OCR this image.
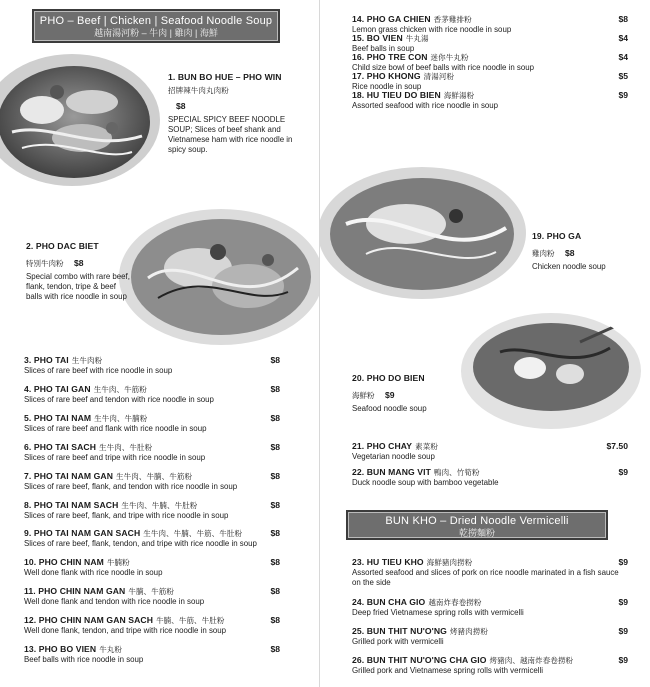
PHO – Beef | Chicken | Seafood Noodle Soup
越南湯河粉 – 牛肉 | 雞肉 | 海鮮
1. BUN BO HUE – PHO WIN
招牌辣牛肉丸肉粉
$8
SPECIAL SPICY BEEF NOODLE SOUP; Slices of beef shank and Vietnamese ham with rice noodle in spicy soup.
2. PHO DAC BIET
特別牛肉粉 $8
Special combo with rare beef, flank, tendon, tripe & beef balls with rice noodle in soup
3. PHO TAI 生牛肉粉	$8
Slices of rare beef with rice noodle in soup
4. PHO TAI GAN 生牛肉、牛筋粉	$8
Slices of rare beef and tendon with rice noodle in soup
5. PHO TAI NAM 生牛肉、牛腩粉	$8
Slices of rare beef and flank with rice noodle in soup
6. PHO TAI SACH 生牛肉、牛肚粉	$8
Slices of rare beef and tripe with rice noodle in soup
7. PHO TAI NAM GAN 生牛肉、牛腩、牛筋粉	$8
Slices of rare beef, flank, and tendon with rice noodle in soup
8. PHO TAI NAM SACH 生牛肉、牛腩、牛肚粉	$8
Slices of rare beef, flank, and tripe with rice noodle in soup
9. PHO TAI NAM GAN SACH 生牛肉、牛腩、牛筋、牛肚粉	$8
Slices of rare beef, flank, tendon, and tripe with rice noodle in soup
10. PHO CHIN NAM 牛腩粉	$8
Well done flank with rice noodle in soup
11. PHO CHIN NAM GAN 牛腩、牛筋粉	$8
Well done flank and tendon with rice noodle in soup
12. PHO CHIN NAM GAN SACH 牛腩、牛筋、牛肚粉	$8
Well done flank, tendon, and tripe with rice noodle in soup
13. PHO BO VIEN 牛丸粉	$8
Beef balls with rice noodle in soup
14. PHO GA CHIEN 香茅雞排粉	$8
Lemon grass chicken with rice noodle in soup
15. BO VIEN 牛丸湯	$4
Beef balls in soup
16. PHO TRE CON 迷你牛丸粉	$4
Child size bowl of beef balls with rice noodle in soup
17. PHO KHONG 清湯河粉	$5
Rice noodle in soup
18. HU TIEU DO BIEN 海鮮湯粉	$9
Assorted seafood with rice noodle in soup
19. PHO GA
雞肉粉 $8
Chicken noodle soup
20. PHO DO BIEN
海鮮粉 $9
Seafood noodle soup
21. PHO CHAY 素菜粉	$7.50
Vegetarian noodle soup
22. BUN MANG VIT 鴨肉、竹筍粉	$9
Duck noodle soup with bamboo vegetable
BUN KHO – Dried Noodle Vermicelli
乾撈麵粉
23. HU TIEU KHO 海鮮豬肉撈粉	$9
Assorted seafood and slices of pork on rice noodle marinated in a fish sauce on the side
24. BUN CHA GIO 越南炸春卷撈粉	$9
Deep fried Vietnamese spring rolls with vermicelli
25. BUN THIT NU'O'NG 烤豬肉撈粉	$9
Grilled pork with vermicelli
26. BUN THIT NU'O'NG CHA GIO 烤豬肉、越南炸春卷撈粉	$9
Grilled pork and Vietnamese spring rolls with vermicelli
